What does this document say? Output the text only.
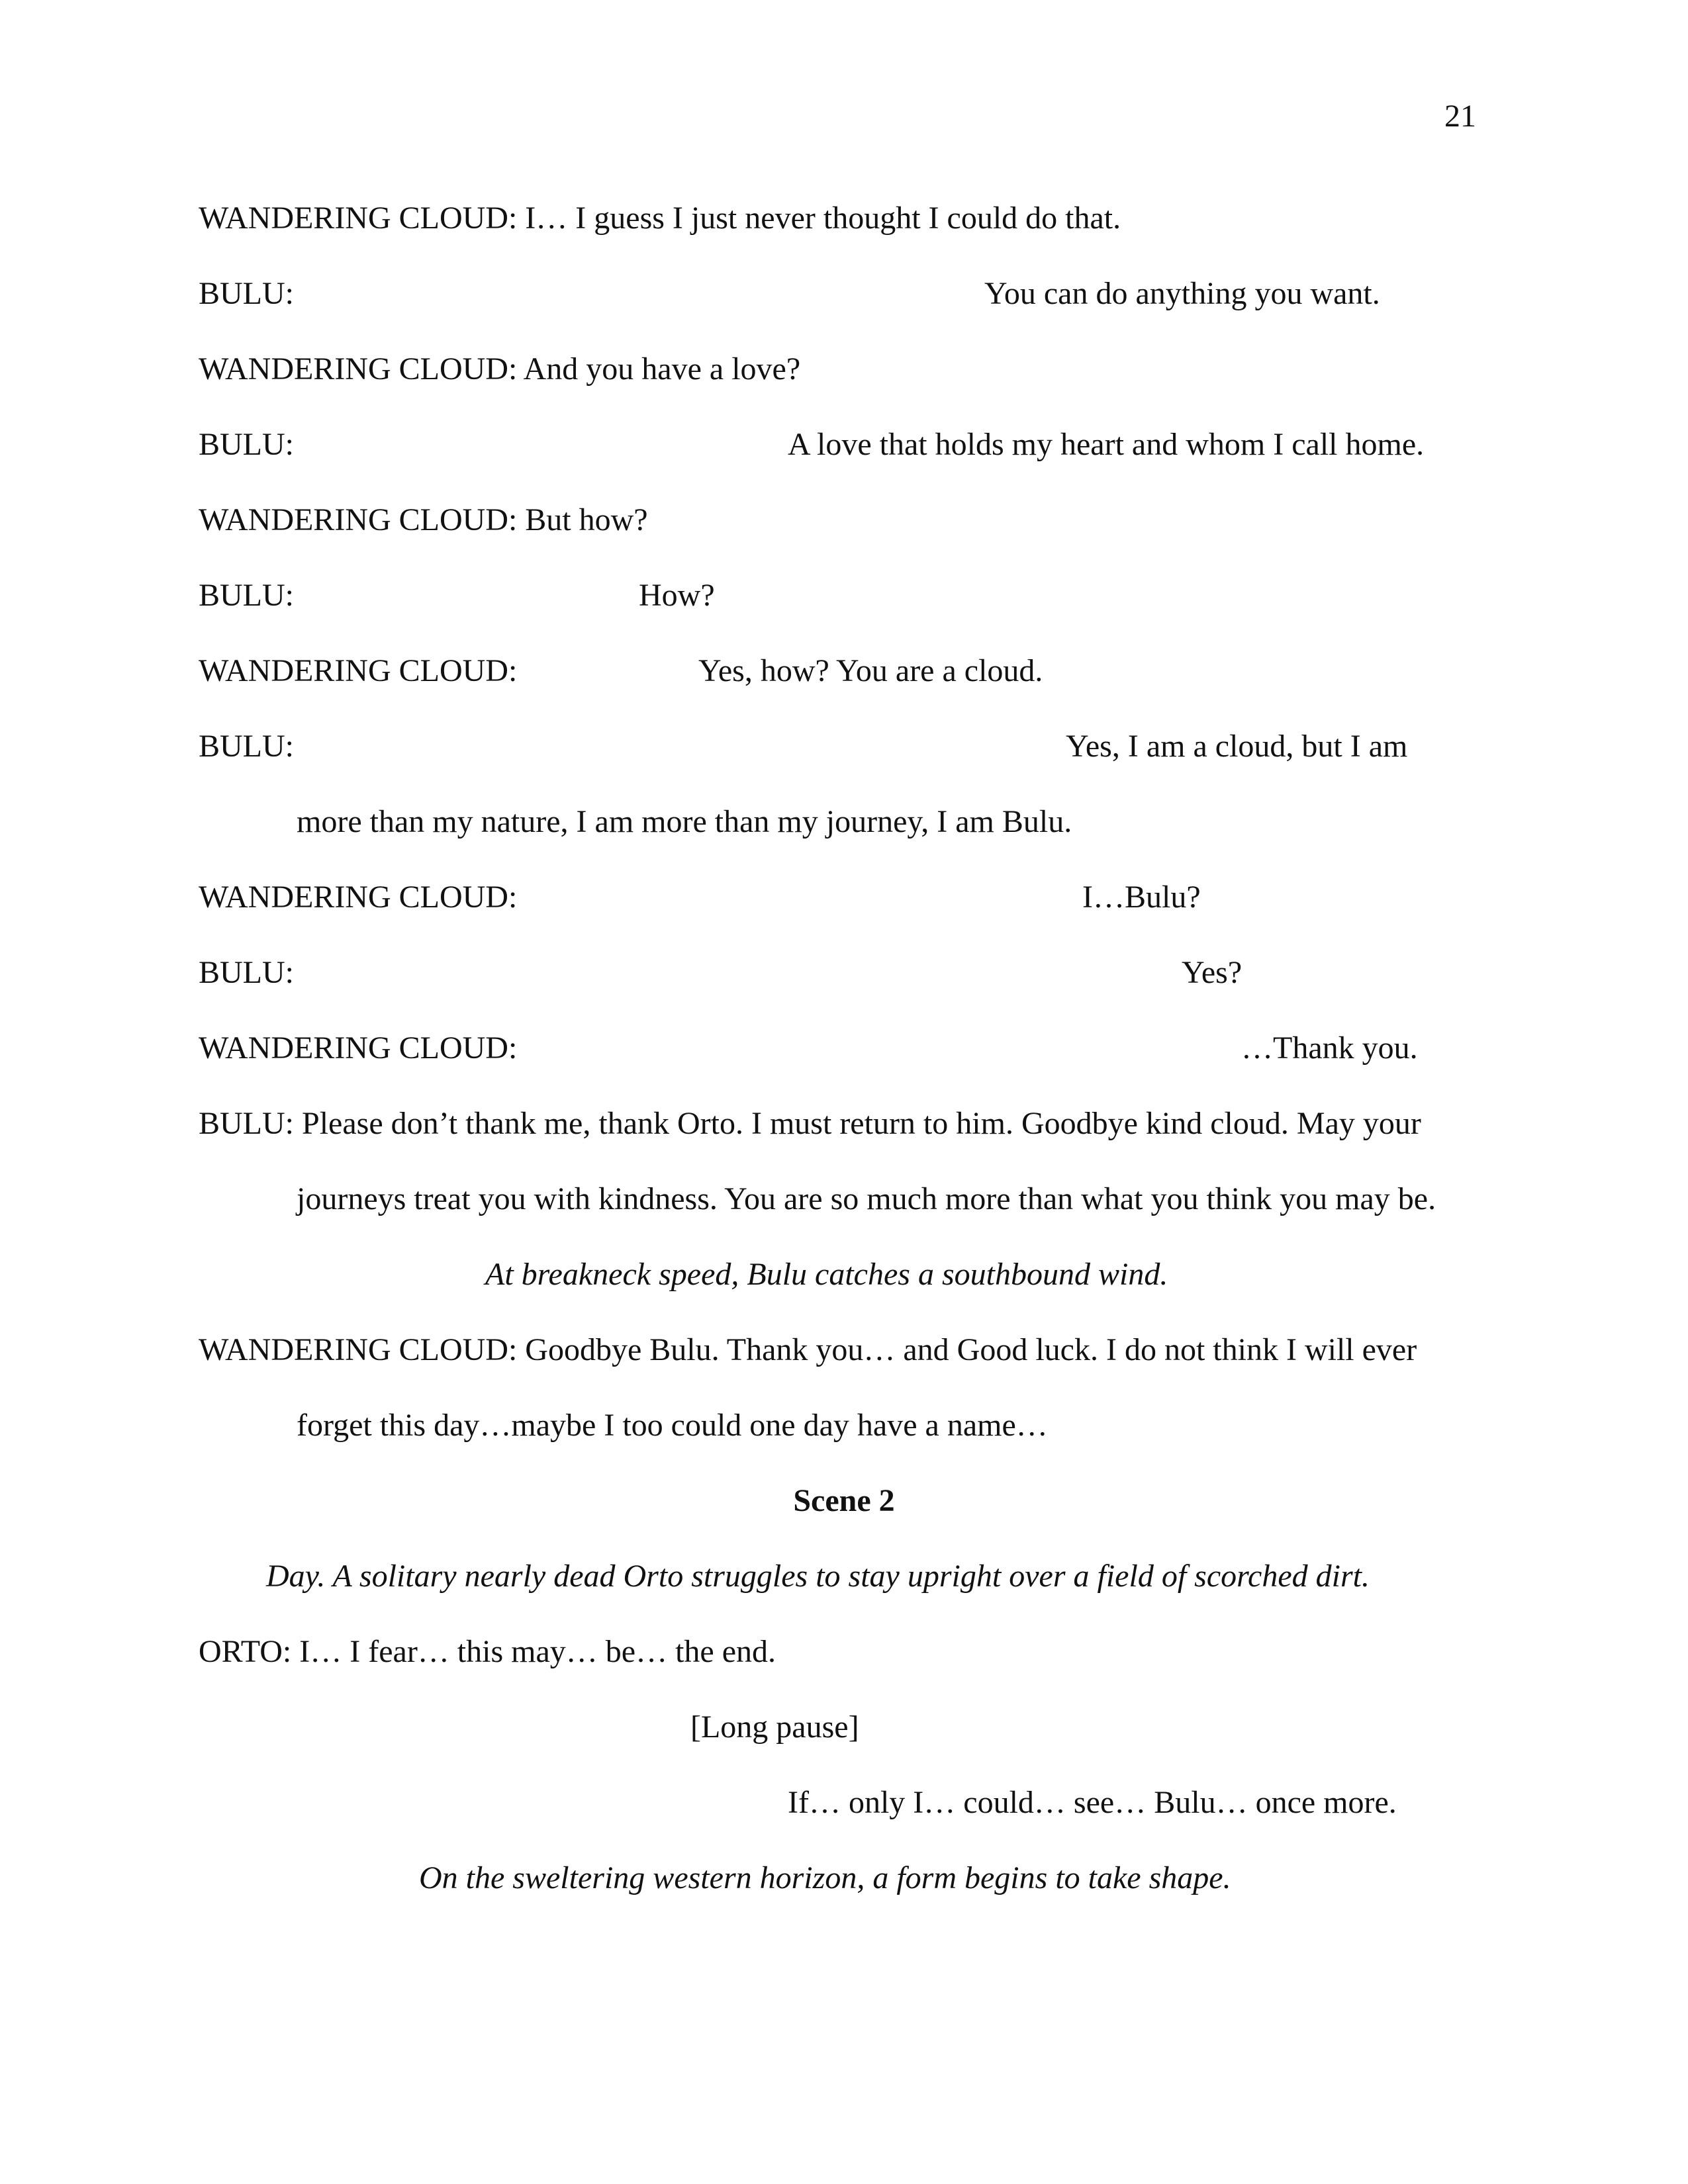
21
WANDERING CLOUD: I… I guess I just never thought I could do that.
BULU:	You can do anything you want.
WANDERING CLOUD: And you have a love?
BULU:	A love that holds my heart and whom I call home.
WANDERING CLOUD: But how?
BULU:	How?
WANDERING CLOUD:	Yes, how? You are a cloud.
BULU:	Yes, I am a cloud, but I am
more than my nature, I am more than my journey, I am Bulu.
WANDERING CLOUD:	I…Bulu?
BULU:	Yes?
WANDERING CLOUD:	…Thank you.
BULU: Please don’t thank me, thank Orto. I must return to him. Goodbye kind cloud. May your
journeys treat you with kindness. You are so much more than what you think you may be.
At breakneck speed, Bulu catches a southbound wind.
WANDERING CLOUD: Goodbye Bulu. Thank you… and Good luck. I do not think I will ever
forget this day…maybe I too could one day have a name…
Scene 2
Day. A solitary nearly dead Orto struggles to stay upright over a field of scorched dirt.
ORTO: I… I fear… this may… be… the end.
[Long pause]
If… only I… could… see… Bulu… once more.
On the sweltering western horizon, a form begins to take shape.
